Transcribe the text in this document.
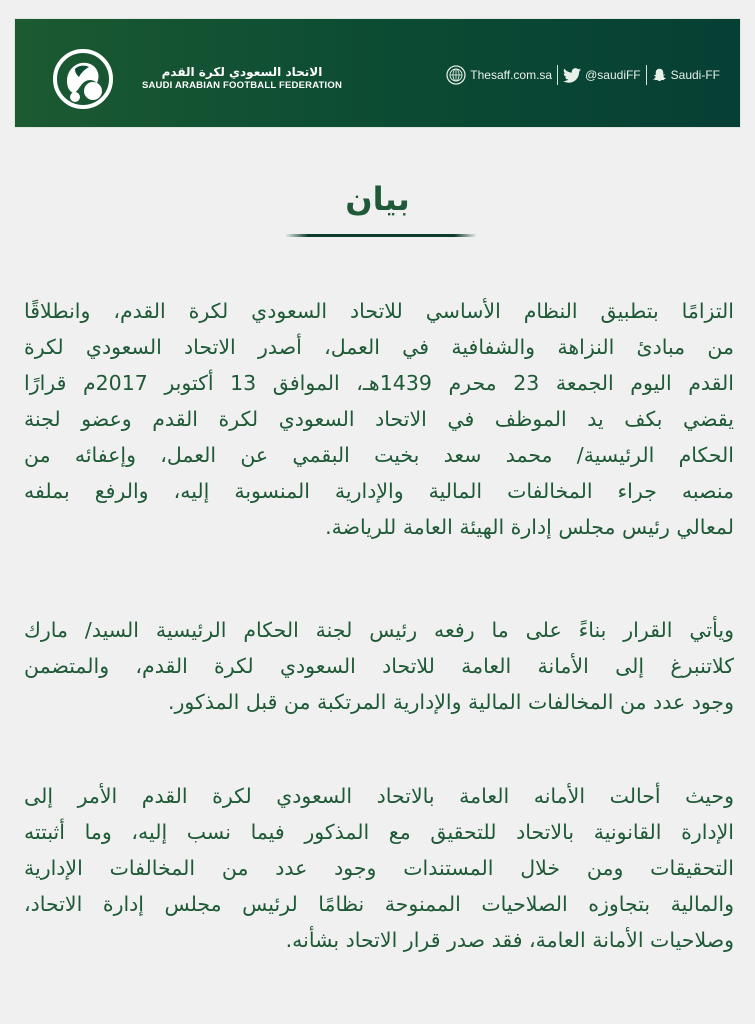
الاتحاد السعودي لكرة القدم
SAUDI ARABIAN FOOTBALL FEDERATION
Thesaff.com.sa	@saudiFF	Saudi-FF
بيان
التزامًا بتطبيق النظام الأساسي للاتحاد السعودي لكرة القدم، وانطلاقًا
من مبادئ النزاهة والشفافية في العمل، أصدر الاتحاد السعودي لكرة
القدم اليوم الجمعة 23 محرم 1439هـ، الموافق 13 أكتوبر 2017م قرارًا
يقضي بكف يد الموظف في الاتحاد السعودي لكرة القدم وعضو لجنة
الحكام الرئيسية/ محمد سعد بخيت البقمي عن العمل، وإعفائه من
منصبه جراء المخالفات المالية والإدارية المنسوبة إليه، والرفع بملفه
لمعالي رئيس مجلس إدارة الهيئة العامة للرياضة.
ويأتي القرار بناءً على ما رفعه رئيس لجنة الحكام الرئيسية السيد/ مارك
كلاتنبرغ إلى الأمانة العامة للاتحاد السعودي لكرة القدم، والمتضمن
وجود عدد من المخالفات المالية والإدارية المرتكبة من قبل المذكور.
وحيث أحالت الأمانه العامة بالاتحاد السعودي لكرة القدم الأمر إلى
الإدارة القانونية بالاتحاد للتحقيق مع المذكور فيما نسب إليه، وما أثبتته
التحقيقات ومن خلال المستندات وجود عدد من المخالفات الإدارية
والمالية بتجاوزه الصلاحيات الممنوحة نظامًا لرئيس مجلس إدارة الاتحاد،
وصلاحيات الأمانة العامة، فقد صدر قرار الاتحاد بشأنه.
